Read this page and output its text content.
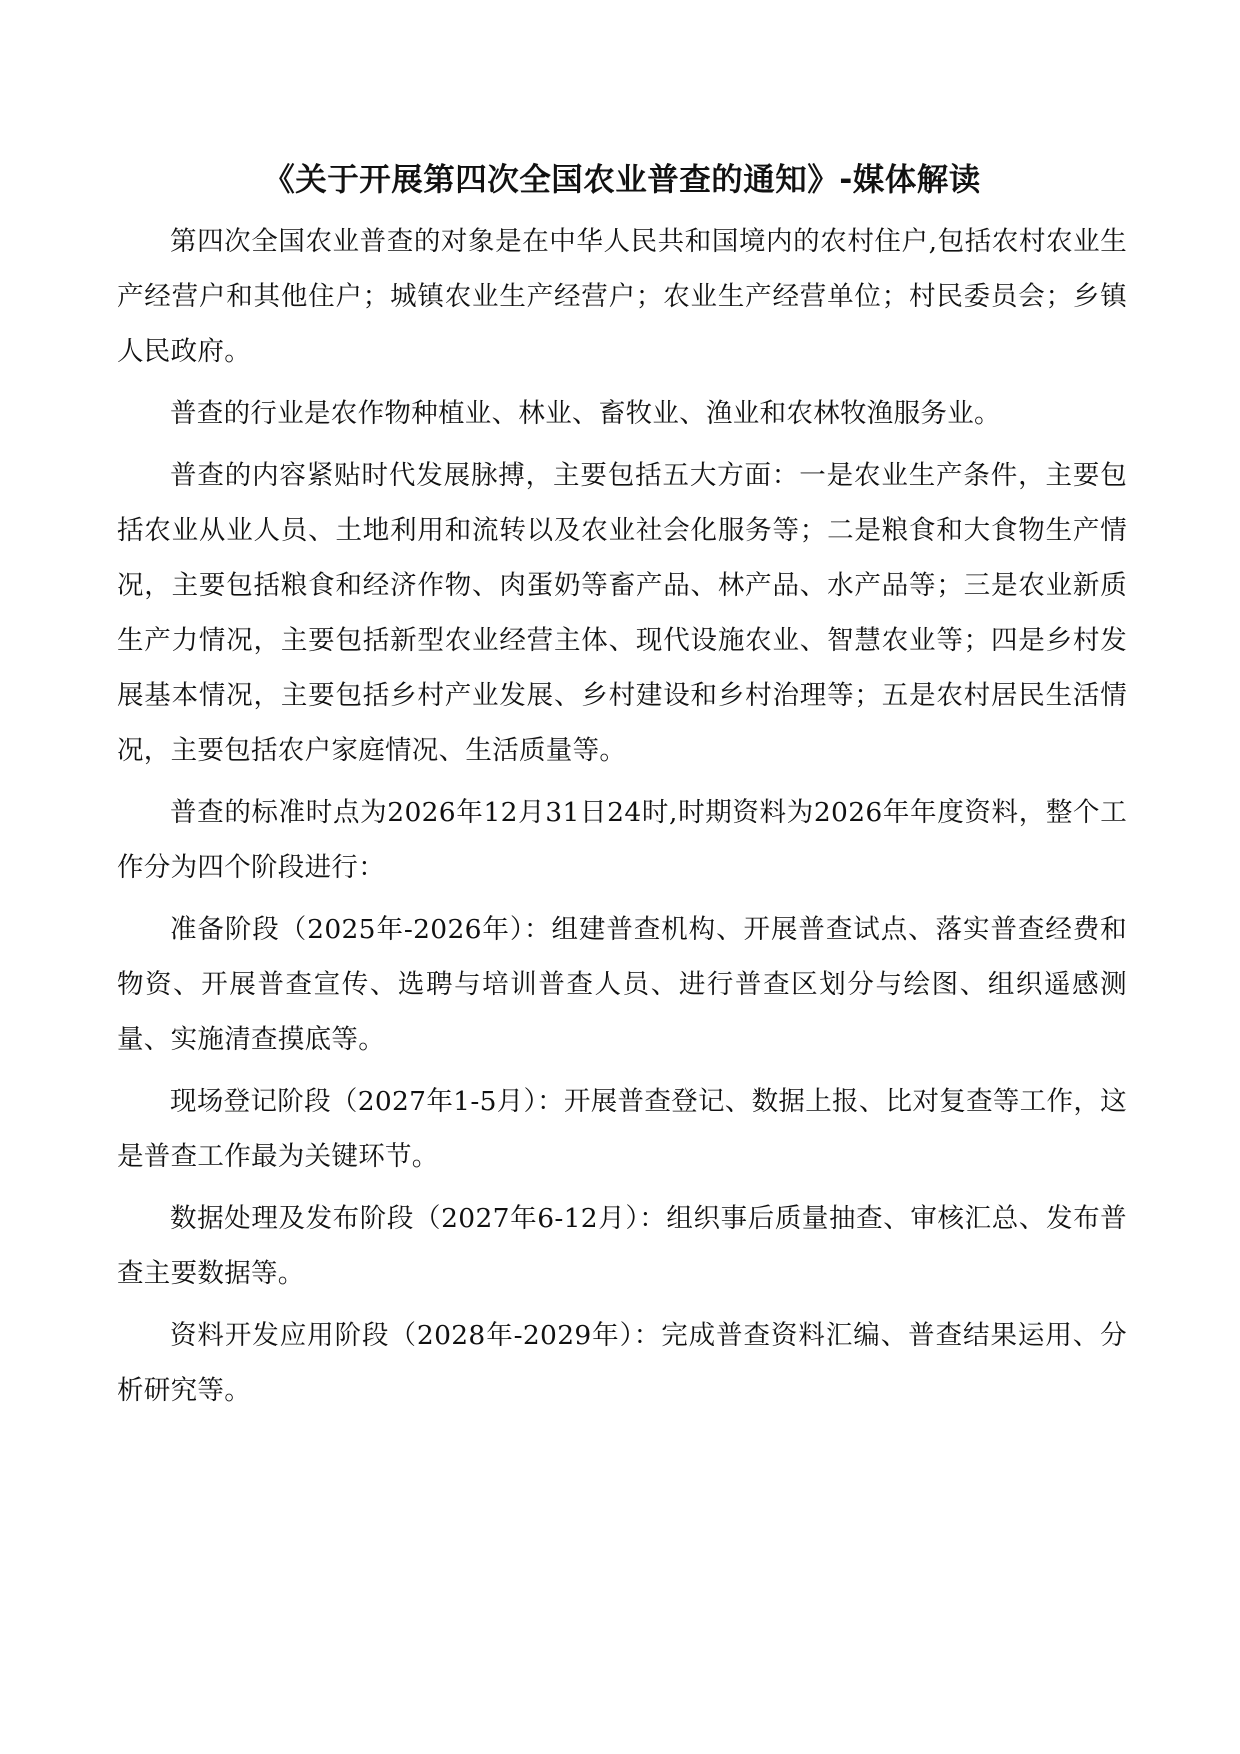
《关于开展第四次全国农业普查的通知》-媒体解读

第四次全国农业普查的对象是在中华人民共和国境内的农村住户,包括农村农业生产经营户和其他住户；城镇农业生产经营户；农业生产经营单位；村民委员会；乡镇人民政府。

普查的行业是农作物种植业、林业、畜牧业、渔业和农林牧渔服务业。

普查的内容紧贴时代发展脉搏，主要包括五大方面：一是农业生产条件，主要包括农业从业人员、土地利用和流转以及农业社会化服务等；二是粮食和大食物生产情况，主要包括粮食和经济作物、肉蛋奶等畜产品、林产品、水产品等；三是农业新质生产力情况，主要包括新型农业经营主体、现代设施农业、智慧农业等；四是乡村发展基本情况，主要包括乡村产业发展、乡村建设和乡村治理等；五是农村居民生活情况，主要包括农户家庭情况、生活质量等。

普查的标准时点为2026年12月31日24时,时期资料为2026年年度资料，整个工作分为四个阶段进行：

准备阶段（2025年-2026年）：组建普查机构、开展普查试点、落实普查经费和物资、开展普查宣传、选聘与培训普查人员、进行普查区划分与绘图、组织遥感测量、实施清查摸底等。

现场登记阶段（2027年1-5月）：开展普查登记、数据上报、比对复查等工作，这是普查工作最为关键环节。

数据处理及发布阶段（2027年6-12月）：组织事后质量抽查、审核汇总、发布普查主要数据等。

资料开发应用阶段（2028年-2029年）：完成普查资料汇编、普查结果运用、分析研究等。
